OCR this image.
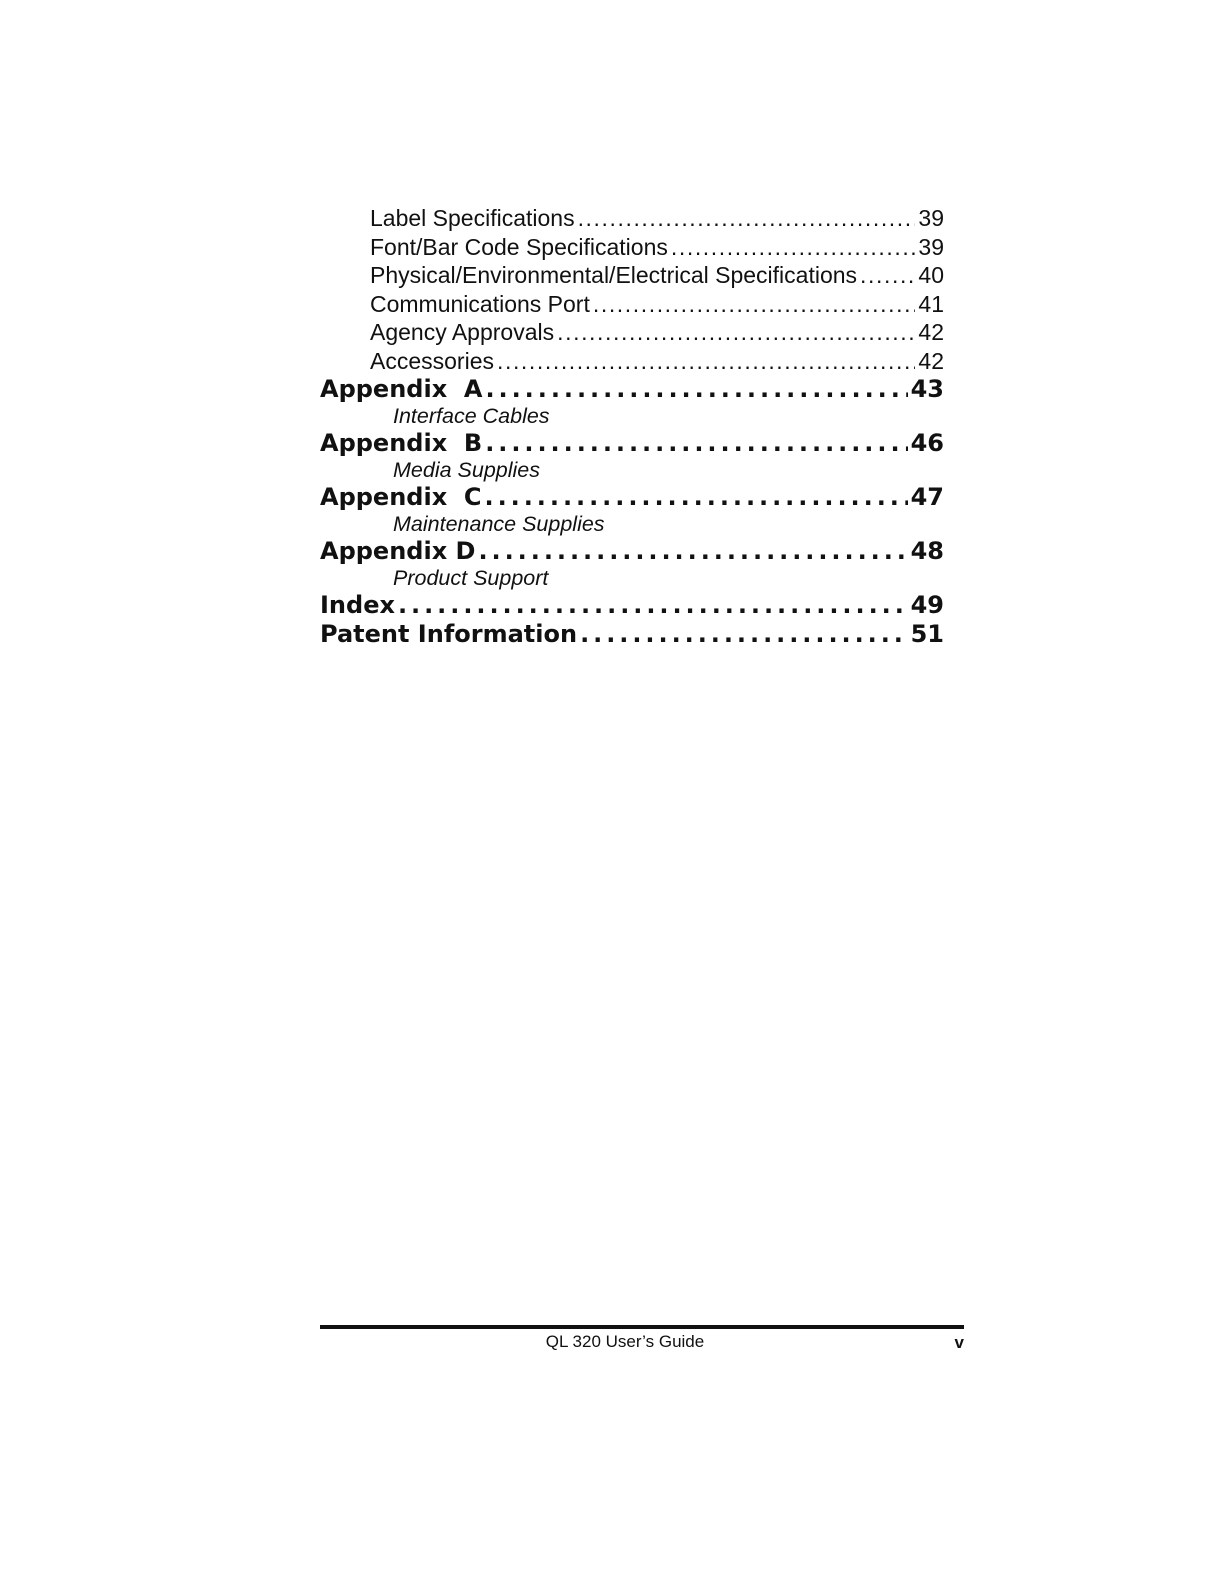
Label Specifications . . .	39
Font/Bar Code Specifications . . .	39
Physical/Environmental/Electrical Specifications . . .	40
Communications Port . . .	41
Agency Approvals . . .	42
Accessories . . .	42
Appendix  A . . .	43
Interface Cables
Appendix  B . . .	46
Media Supplies
Appendix  C . . .	47
Maintenance Supplies
Appendix D . . .	48
Product Support
Index . . .	49
Patent Information . . .	51
QL 320 User’s Guide	v
